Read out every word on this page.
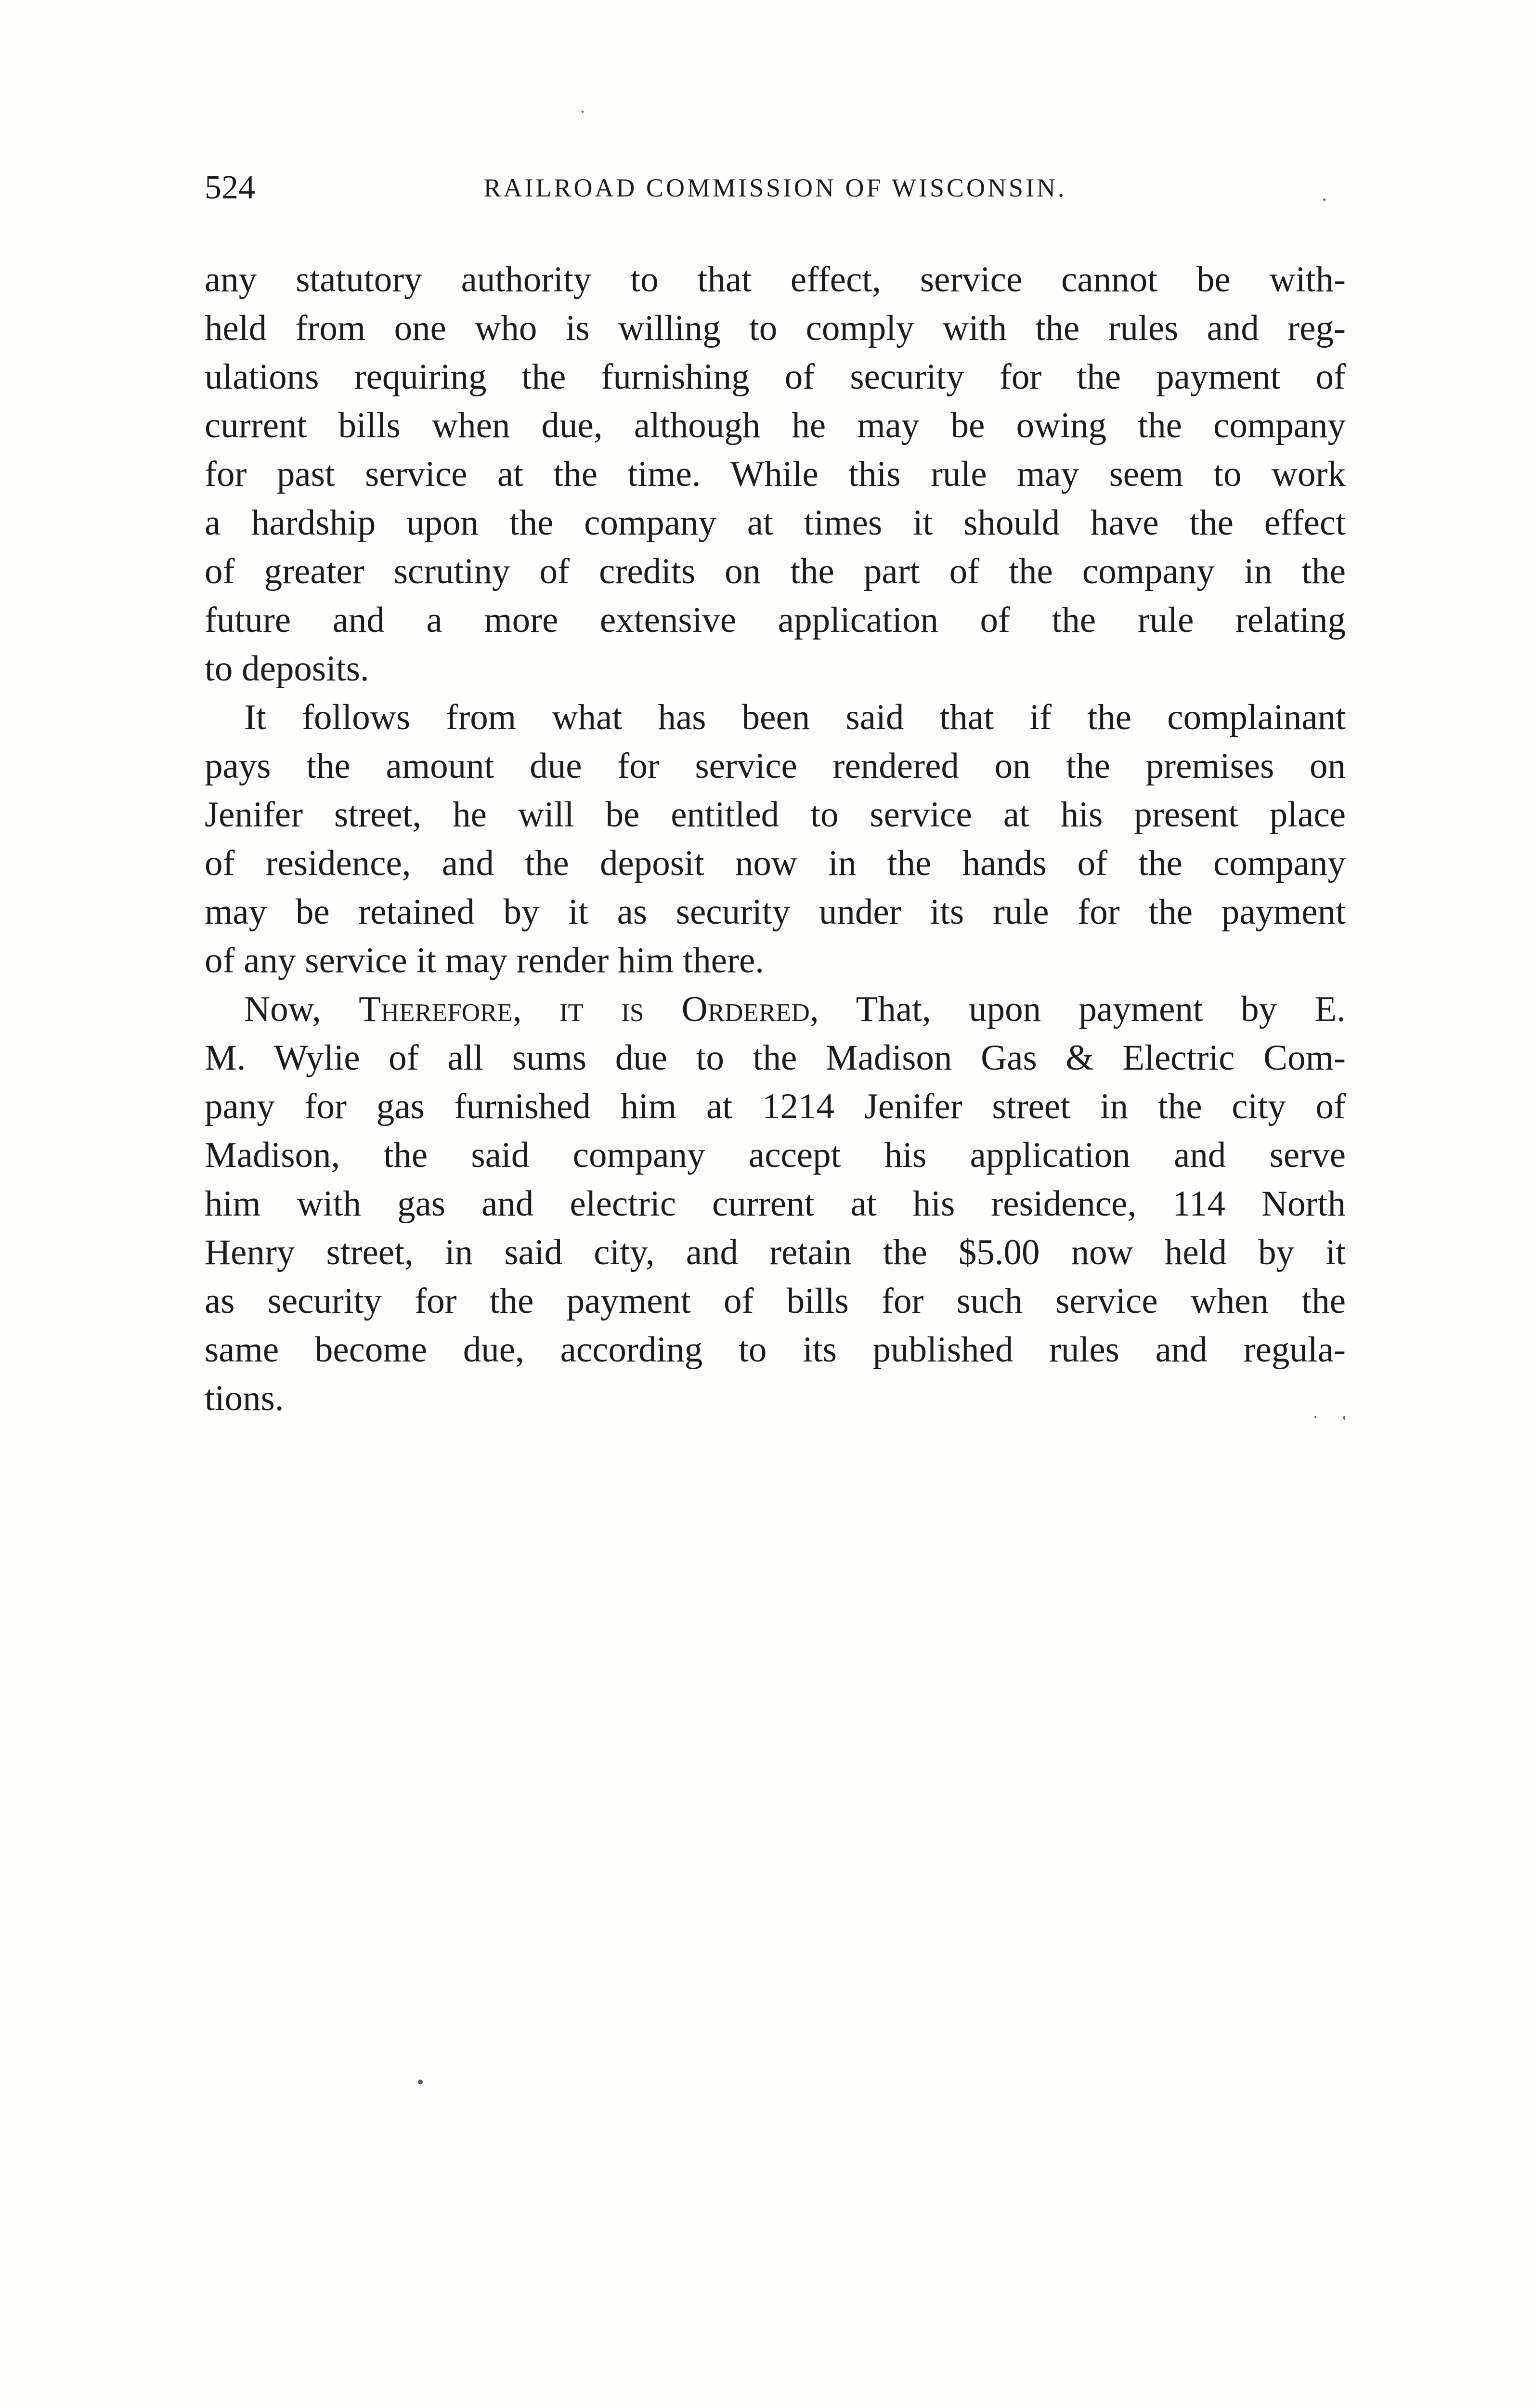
524	RAILROAD COMMISSION OF WISCONSIN.

any statutory authority to that effect, service cannot be with-
held from one who is willing to comply with the rules and reg-
ulations requiring the furnishing of security for the payment of
current bills when due, although he may be owing the company
for past service at the time. While this rule may seem to work
a hardship upon the company at times it should have the effect
of greater scrutiny of credits on the part of the company in the
future and a more extensive application of the rule relating
to deposits.

It follows from what has been said that if the complainant
pays the amount due for service rendered on the premises on
Jenifer street, he will be entitled to service at his present place
of residence, and the deposit now in the hands of the company
may be retained by it as security under its rule for the payment
of any service it may render him there.

Now, Therefore, it is Ordered, That, upon payment by E.
M. Wylie of all sums due to the Madison Gas & Electric Com-
pany for gas furnished him at 1214 Jenifer street in the city of
Madison, the said company accept his application and serve
him with gas and electric current at his residence, 114 North
Henry street, in said city, and retain the $5.00 now held by it
as security for the payment of bills for such service when the
same become due, according to its published rules and regula-
tions.
